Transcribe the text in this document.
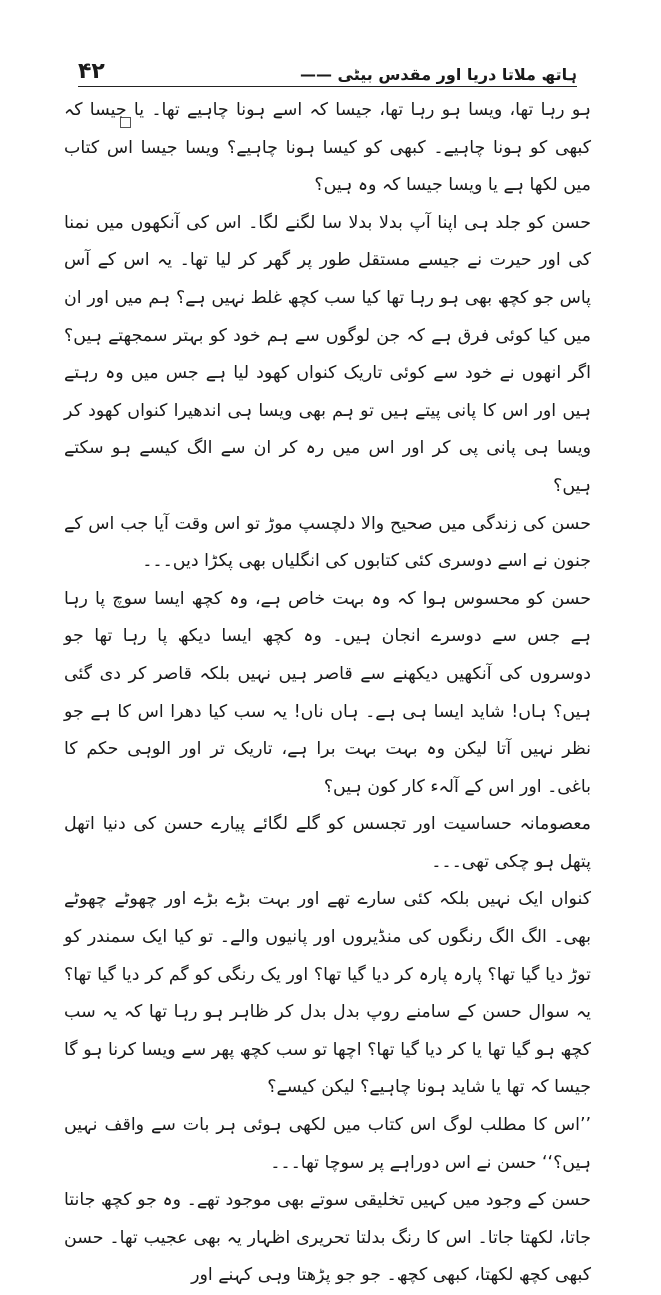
۴۲	ہاتھ ملاتا دریا اور مقدس بیٹی ——

ہو رہا تھا، ویسا ہو رہا تھا، جیسا کہ اسے ہونا چاہیے تھا۔ یا جیسا کہ کبھی کو ہونا چاہیے۔ کبھی کو کیسا ہونا چاہیے؟ ویسا جیسا اس کتاب میں لکھا ہے یا ویسا جیسا کہ وہ ہیں؟

حسن کو جلد ہی اپنا آپ بدلا بدلا سا لگنے لگا۔ اس کی آنکھوں میں نمنا کی اور حیرت نے جیسے مستقل طور پر گھر کر لیا تھا۔ یہ اس کے آس پاس جو کچھ بھی ہو رہا تھا کیا سب کچھ غلط نہیں ہے؟ ہم میں اور ان میں کیا کوئی فرق ہے کہ جن لوگوں سے ہم خود کو بہتر سمجھتے ہیں؟ اگر انھوں نے خود سے کوئی تاریک کنواں کھود لیا ہے جس میں وہ رہتے ہیں اور اس کا پانی پیتے ہیں تو ہم بھی ویسا ہی اندھیرا کنواں کھود کر ویسا ہی پانی پی کر اور اس میں رہ کر ان سے الگ کیسے ہو سکتے ہیں؟

حسن کی زندگی میں صحیح والا دلچسپ موڑ تو اس وقت آیا جب اس کے جنون نے اسے دوسری کئی کتابوں کی انگلیاں بھی پکڑا دیں۔۔۔

حسن کو محسوس ہوا کہ وہ بہت خاص ہے، وہ کچھ ایسا سوچ پا رہا ہے جس سے دوسرے انجان ہیں۔ وہ کچھ ایسا دیکھ پا رہا تھا جو دوسروں کی آنکھیں دیکھنے سے قاصر ہیں نہیں بلکہ قاصر کر دی گئی ہیں؟ ہاں! شاید ایسا ہی ہے۔ ہاں ناں! یہ سب کیا دھرا اس کا ہے جو نظر نہیں آتا لیکن وہ بہت بہت برا ہے، تاریک تر اور الوہی حکم کا باغی۔ اور اس کے آلہء کار کون ہیں؟

معصومانہ حساسیت اور تجسس کو گلے لگائے پیارے حسن کی دنیا اتھل پتھل ہو چکی تھی۔۔۔

کنواں ایک نہیں بلکہ کئی سارے تھے اور بہت بڑے بڑے اور چھوٹے چھوٹے بھی۔ الگ الگ رنگوں کی منڈیروں اور پانیوں والے۔ تو کیا ایک سمندر کو توڑ دیا گیا تھا؟ پارہ پارہ کر دیا گیا تھا؟ اور یک رنگی کو گم کر دیا گیا تھا؟ یہ سوال حسن کے سامنے روپ بدل بدل کر ظاہر ہو رہا تھا کہ یہ سب کچھ ہو گیا تھا یا کر دیا گیا تھا؟ اچھا تو سب کچھ پھر سے ویسا کرنا ہو گا جیسا کہ تھا یا شاید ہونا چاہیے؟ لیکن کیسے؟

’’اس کا مطلب لوگ اس کتاب میں لکھی ہوئی ہر بات سے واقف نہیں ہیں؟‘‘ حسن نے اس دوراہے پر سوچا تھا۔۔۔

حسن کے وجود میں کہیں تخلیقی سوتے بھی موجود تھے۔ وہ جو کچھ جانتا جاتا، لکھتا جاتا۔ اس کا رنگ بدلتا تحریری اظہار یہ بھی عجیب تھا۔ حسن کبھی کچھ لکھتا، کبھی کچھ۔ جو جو پڑھتا وہی کہنے اور
